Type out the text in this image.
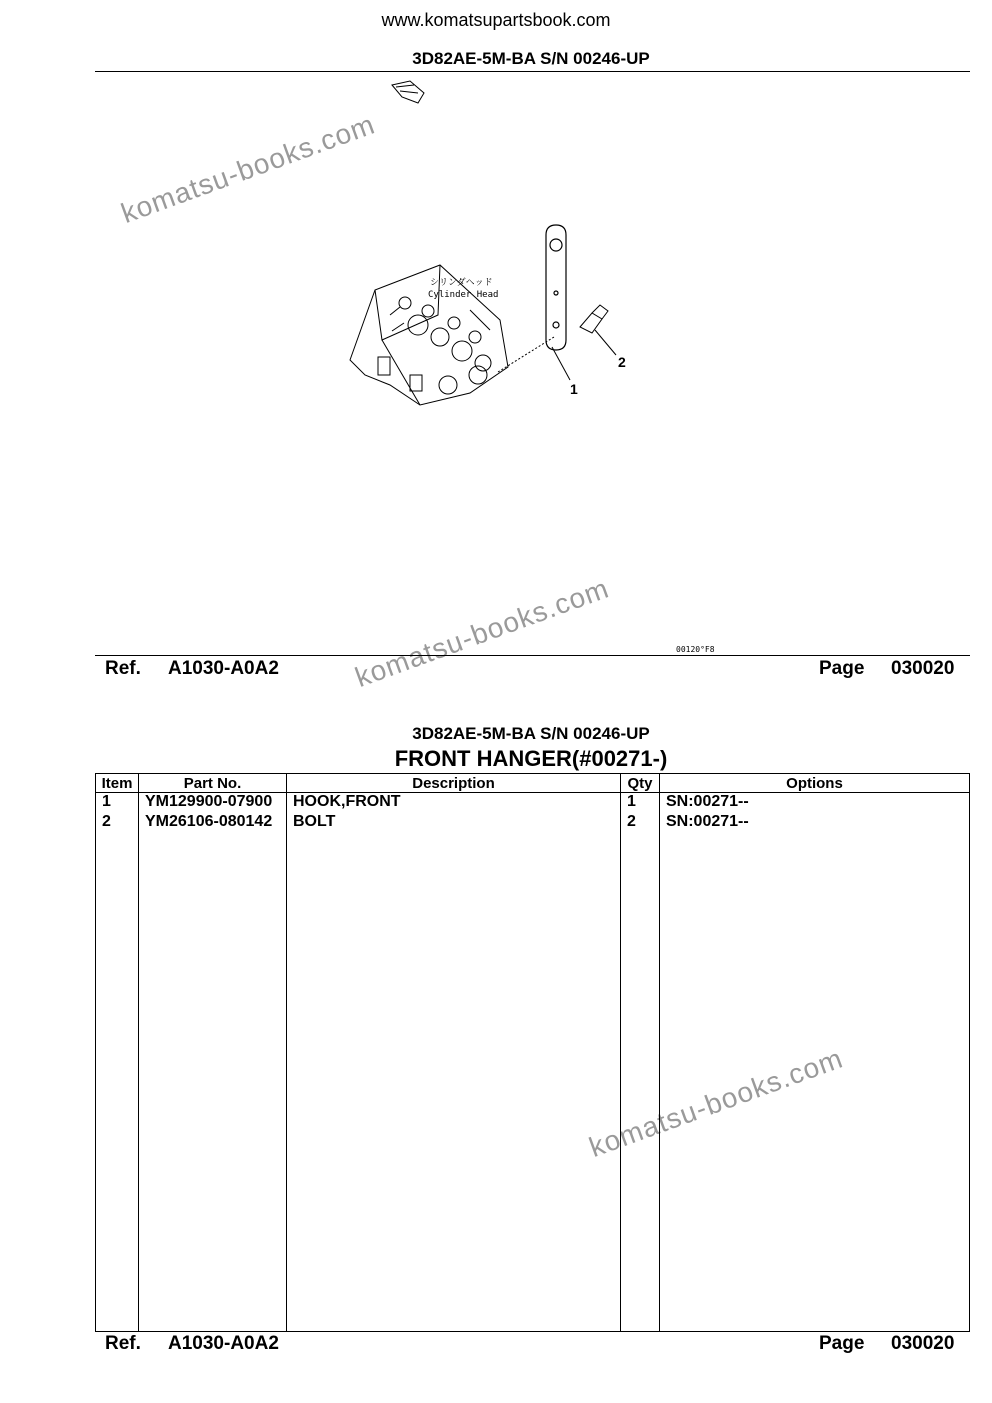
www.komatsupartsbook.com
3D82AE-5M-BA S/N 00246-UP
komatsu-books.com
komatsu-books.com
komatsu-books.com
シリンダヘッド
Cylinder Head
1
2
00120°F8
Ref. A1030-A0A2	Page 030020
3D82AE-5M-BA S/N 00246-UP
FRONT HANGER(#00271-)
Item	Part No.	Description	Qty	Options
1	YM129900-07900	HOOK,FRONT	1	SN:00271--
2	YM26106-080142	BOLT	2	SN:00271--

Ref. A1030-A0A2	Page 030020
